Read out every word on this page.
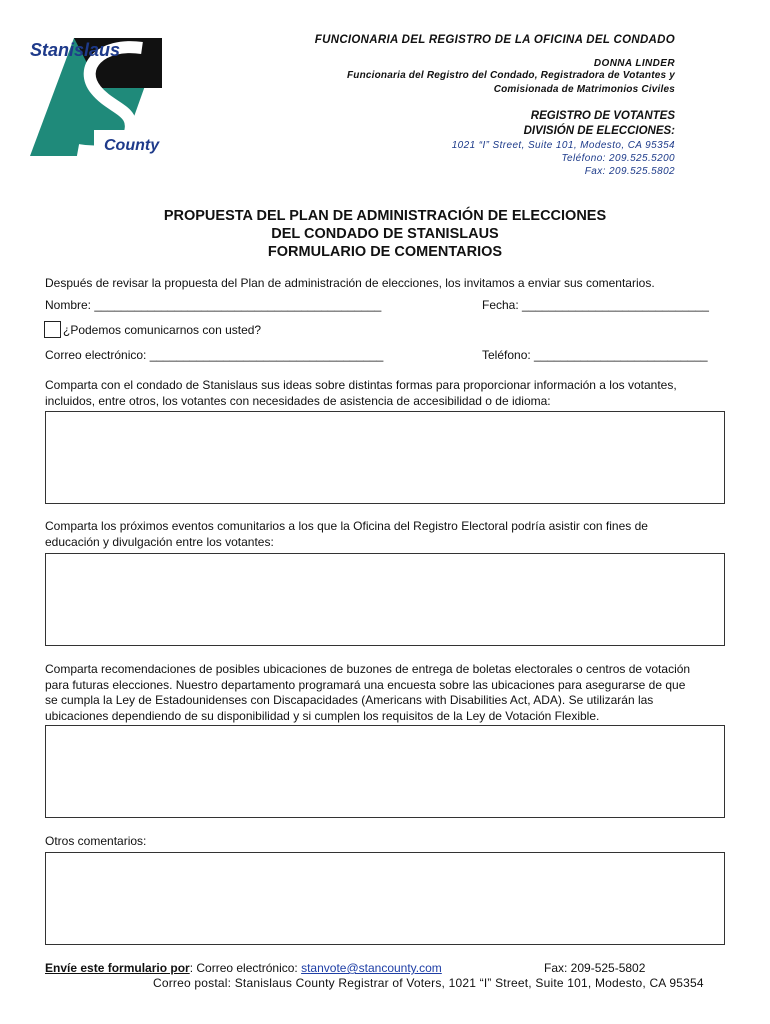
Stanislaus
County
FUNCIONARIA DEL REGISTRO DE LA OFICINA DEL CONDADO
DONNA LINDER
Funcionaria del Registro del Condado, Registradora de Votantes y
Comisionada de Matrimonios Civiles
REGISTRO DE VOTANTES
DIVISIÓN DE ELECCIONES:
1021 “I” Street, Suite 101, Modesto, CA 95354
Teléfono: 209.525.5200
Fax: 209.525.5802
PROPUESTA DEL PLAN DE ADMINISTRACIÓN DE ELECCIONES
DEL CONDADO DE STANISLAUS
FORMULARIO DE COMENTARIOS
Después de revisar la propuesta del Plan de administración de elecciones, los invitamos a enviar sus comentarios.
Nombre: ___________________________________________	Fecha: ____________________________
¿Podemos comunicarnos con usted?
Correo electrónico: ___________________________________	Teléfono: __________________________
Comparta con el condado de Stanislaus sus ideas sobre distintas formas para proporcionar información a los votantes,
incluidos, entre otros, los votantes con necesidades de asistencia de accesibilidad o de idioma:
Comparta los próximos eventos comunitarios a los que la Oficina del Registro Electoral podría asistir con fines de
educación y divulgación entre los votantes:
Comparta recomendaciones de posibles ubicaciones de buzones de entrega de boletas electorales o centros de votación
para futuras elecciones. Nuestro departamento programará una encuesta sobre las ubicaciones para asegurarse de que
se cumpla la Ley de Estadounidenses con Discapacidades (Americans with Disabilities Act, ADA). Se utilizarán las
ubicaciones dependiendo de su disponibilidad y si cumplen los requisitos de la Ley de Votación Flexible.
Otros comentarios:
Envíe este formulario por: Correo electrónico: stanvote@stancounty.com	Fax: 209-525-5802
Correo postal: Stanislaus County Registrar of Voters, 1021 “I” Street, Suite 101, Modesto, CA 95354
